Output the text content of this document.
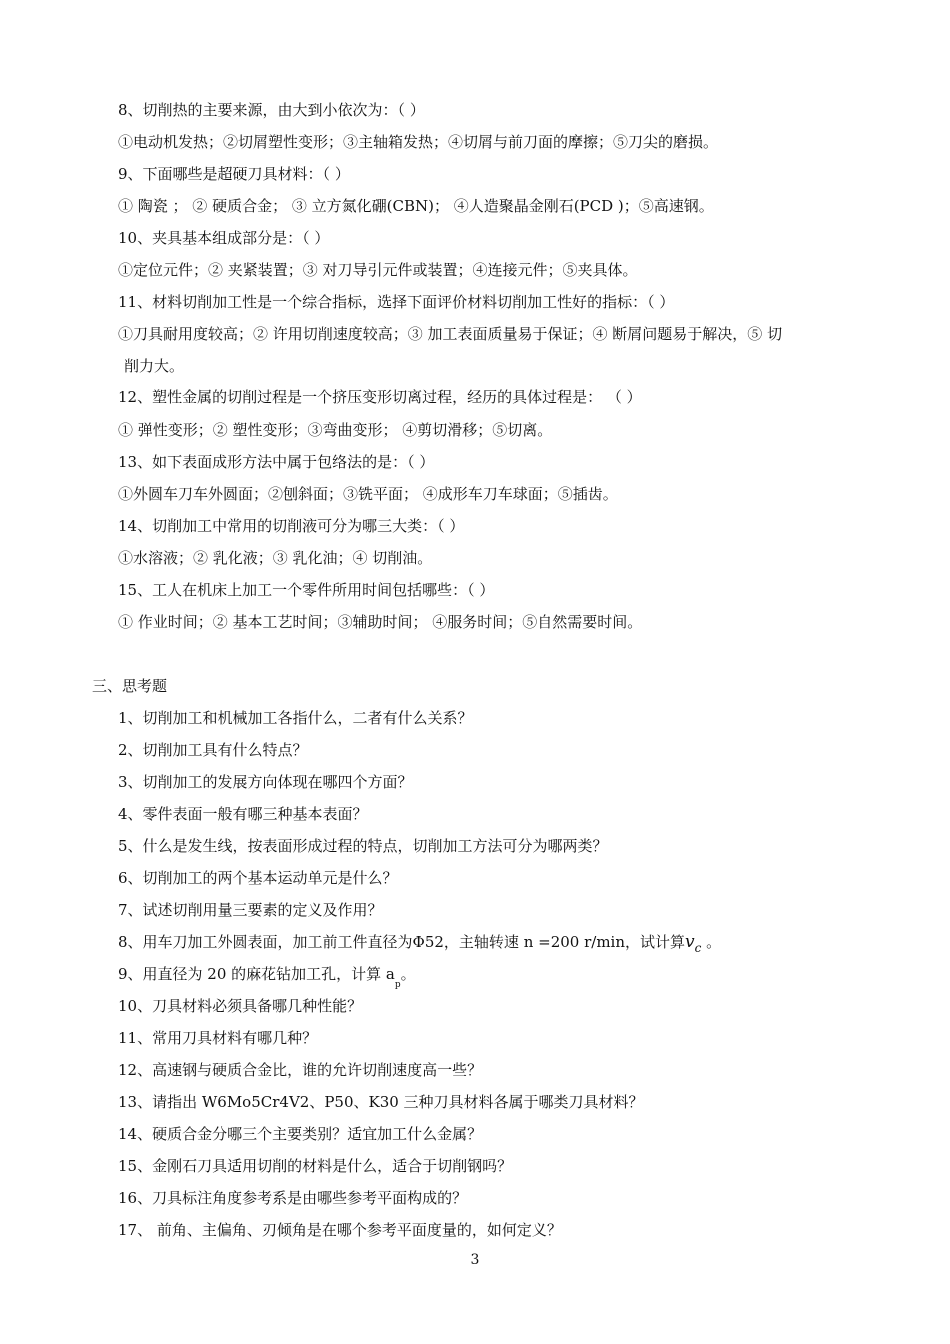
8、切削热的主要来源，由大到小依次为：（ ）
①电动机发热；②切屑塑性变形；③主轴箱发热；④切屑与前刀面的摩擦；⑤刀尖的磨损。
9、下面哪些是超硬刀具材料：（ ）
① 陶瓷 ； ② 硬质合金； ③ 立方氮化硼(CBN)； ④人造聚晶金刚石(PCD )；⑤高速钢。
10、夹具基本组成部分是：（ ）
①定位元件；② 夹紧装置；③ 对刀导引元件或装置；④连接元件；⑤夹具体。
11、材料切削加工性是一个综合指标，选择下面评价材料切削加工性好的指标：（ ）
①刀具耐用度较高；② 许用切削速度较高；③ 加工表面质量易于保证；④ 断屑问题易于解决，⑤ 切
削力大。
12、塑性金属的切削过程是一个挤压变形切离过程，经历的具体过程是： （ ）
① 弹性变形；② 塑性变形；③弯曲变形； ④剪切滑移；⑤切离。
13、如下表面成形方法中属于包络法的是：（ ）
①外圆车刀车外圆面；②刨斜面；③铣平面； ④成形车刀车球面；⑤插齿。
14、切削加工中常用的切削液可分为哪三大类：（ ）
①水溶液；② 乳化液；③ 乳化油；④ 切削油。
15、工人在机床上加工一个零件所用时间包括哪些：（ ）
① 作业时间；② 基本工艺时间；③辅助时间； ④服务时间；⑤自然需要时间。
三、思考题
1、切削加工和机械加工各指什么，二者有什么关系？
2、切削加工具有什么特点？
3、切削加工的发展方向体现在哪四个方面？
4、零件表面一般有哪三种基本表面？
5、什么是发生线，按表面形成过程的特点，切削加工方法可分为哪两类？
6、切削加工的两个基本运动单元是什么？
7、试述切削用量三要素的定义及作用？
8、用车刀加工外圆表面，加工前工件直径为Φ52，主轴转速 n =200 r/min，试计算$v_c$ 。
9、用直径为 20 的麻花钻加工孔，计算 $a_p$。
10、刀具材料必须具备哪几种性能？
11、常用刀具材料有哪几种？
12、高速钢与硬质合金比，谁的允许切削速度高一些？
13、请指出 W6Mo5Cr4V2、P50、K30 三种刀具材料各属于哪类刀具材料？
14、硬质合金分哪三个主要类别？适宜加工什么金属？
15、金刚石刀具适用切削的材料是什么，适合于切削钢吗？
16、刀具标注角度参考系是由哪些参考平面构成的？
17、 前角、主偏角、刃倾角是在哪个参考平面度量的，如何定义？
3
